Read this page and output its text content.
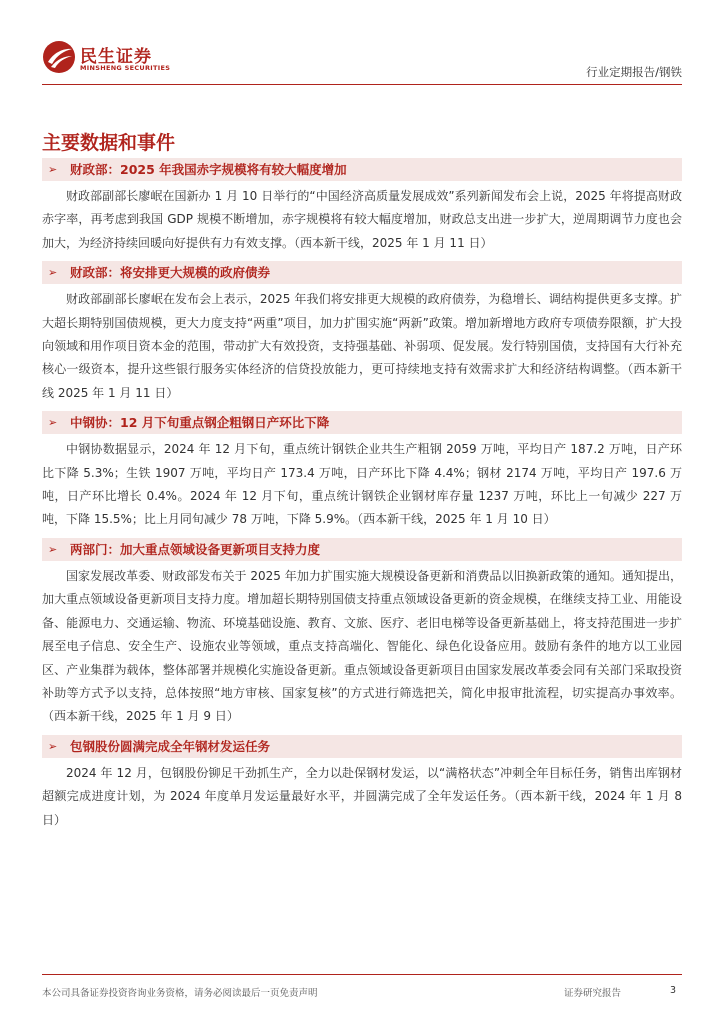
民生证券
MINSHENG SECURITIES	行业定期报告/钢铁
主要数据和事件
➢ 财政部：2025 年我国赤字规模将有较大幅度增加

财政部副部长廖岷在国新办 1 月 10 日举行的“中国经济高质量发展成效”系列新闻发布会上说，2025 年将提高财政赤字率，再考虑到我国 GDP 规模不断增加，赤字规模将有较大幅度增加，财政总支出进一步扩大，逆周期调节力度也会加大，为经济持续回暖向好提供有力有效支撑。（西本新干线，2025 年 1 月 11 日）

➢ 财政部：将安排更大规模的政府债券

财政部副部长廖岷在发布会上表示，2025 年我们将安排更大规模的政府债券，为稳增长、调结构提供更多支撑。扩大超长期特别国债规模，更大力度支持“两重”项目，加力扩围实施“两新”政策。增加新增地方政府专项债券限额，扩大投向领域和用作项目资本金的范围，带动扩大有效投资，支持强基础、补弱项、促发展。发行特别国债，支持国有大行补充核心一级资本，提升这些银行服务实体经济的信贷投放能力，更可持续地支持有效需求扩大和经济结构调整。（西本新干线 2025 年 1 月 11 日）

➢ 中钢协：12 月下旬重点钢企粗钢日产环比下降

中钢协数据显示，2024 年 12 月下旬，重点统计钢铁企业共生产粗钢 2059 万吨，平均日产 187.2 万吨，日产环比下降 5.3%；生铁 1907 万吨，平均日产 173.4 万吨，日产环比下降 4.4%；钢材 2174 万吨，平均日产 197.6 万吨，日产环比增长 0.4%。2024 年 12 月下旬，重点统计钢铁企业钢材库存量 1237 万吨，环比上一旬减少 227 万吨，下降 15.5%；比上月同旬减少 78 万吨，下降 5.9%。（西本新干线，2025 年 1 月 10 日）

➢ 两部门：加大重点领域设备更新项目支持力度

国家发展改革委、财政部发布关于 2025 年加力扩围实施大规模设备更新和消费品以旧换新政策的通知。通知提出，加大重点领域设备更新项目支持力度。增加超长期特别国债支持重点领域设备更新的资金规模，在继续支持工业、用能设备、能源电力、交通运输、物流、环境基础设施、教育、文旅、医疗、老旧电梯等设备更新基础上，将支持范围进一步扩展至电子信息、安全生产、设施农业等领域，重点支持高端化、智能化、绿色化设备应用。鼓励有条件的地方以工业园区、产业集群为载体，整体部署并规模化实施设备更新。重点领域设备更新项目由国家发展改革委会同有关部门采取投资补助等方式予以支持，总体按照“地方审核、国家复核”的方式进行筛选把关，简化申报审批流程，切实提高办事效率。（西本新干线，2025 年 1 月 9 日）

➢ 包钢股份圆满完成全年钢材发运任务

2024 年 12 月，包钢股份铆足干劲抓生产，全力以赴保钢材发运，以“满格状态”冲刺全年目标任务，销售出库钢材超额完成进度计划，为 2024 年度单月发运量最好水平，并圆满完成了全年发运任务。（西本新干线，2024 年 1 月 8 日）

本公司具备证券投资咨询业务资格，请务必阅读最后一页免责声明	证券研究报告	3
